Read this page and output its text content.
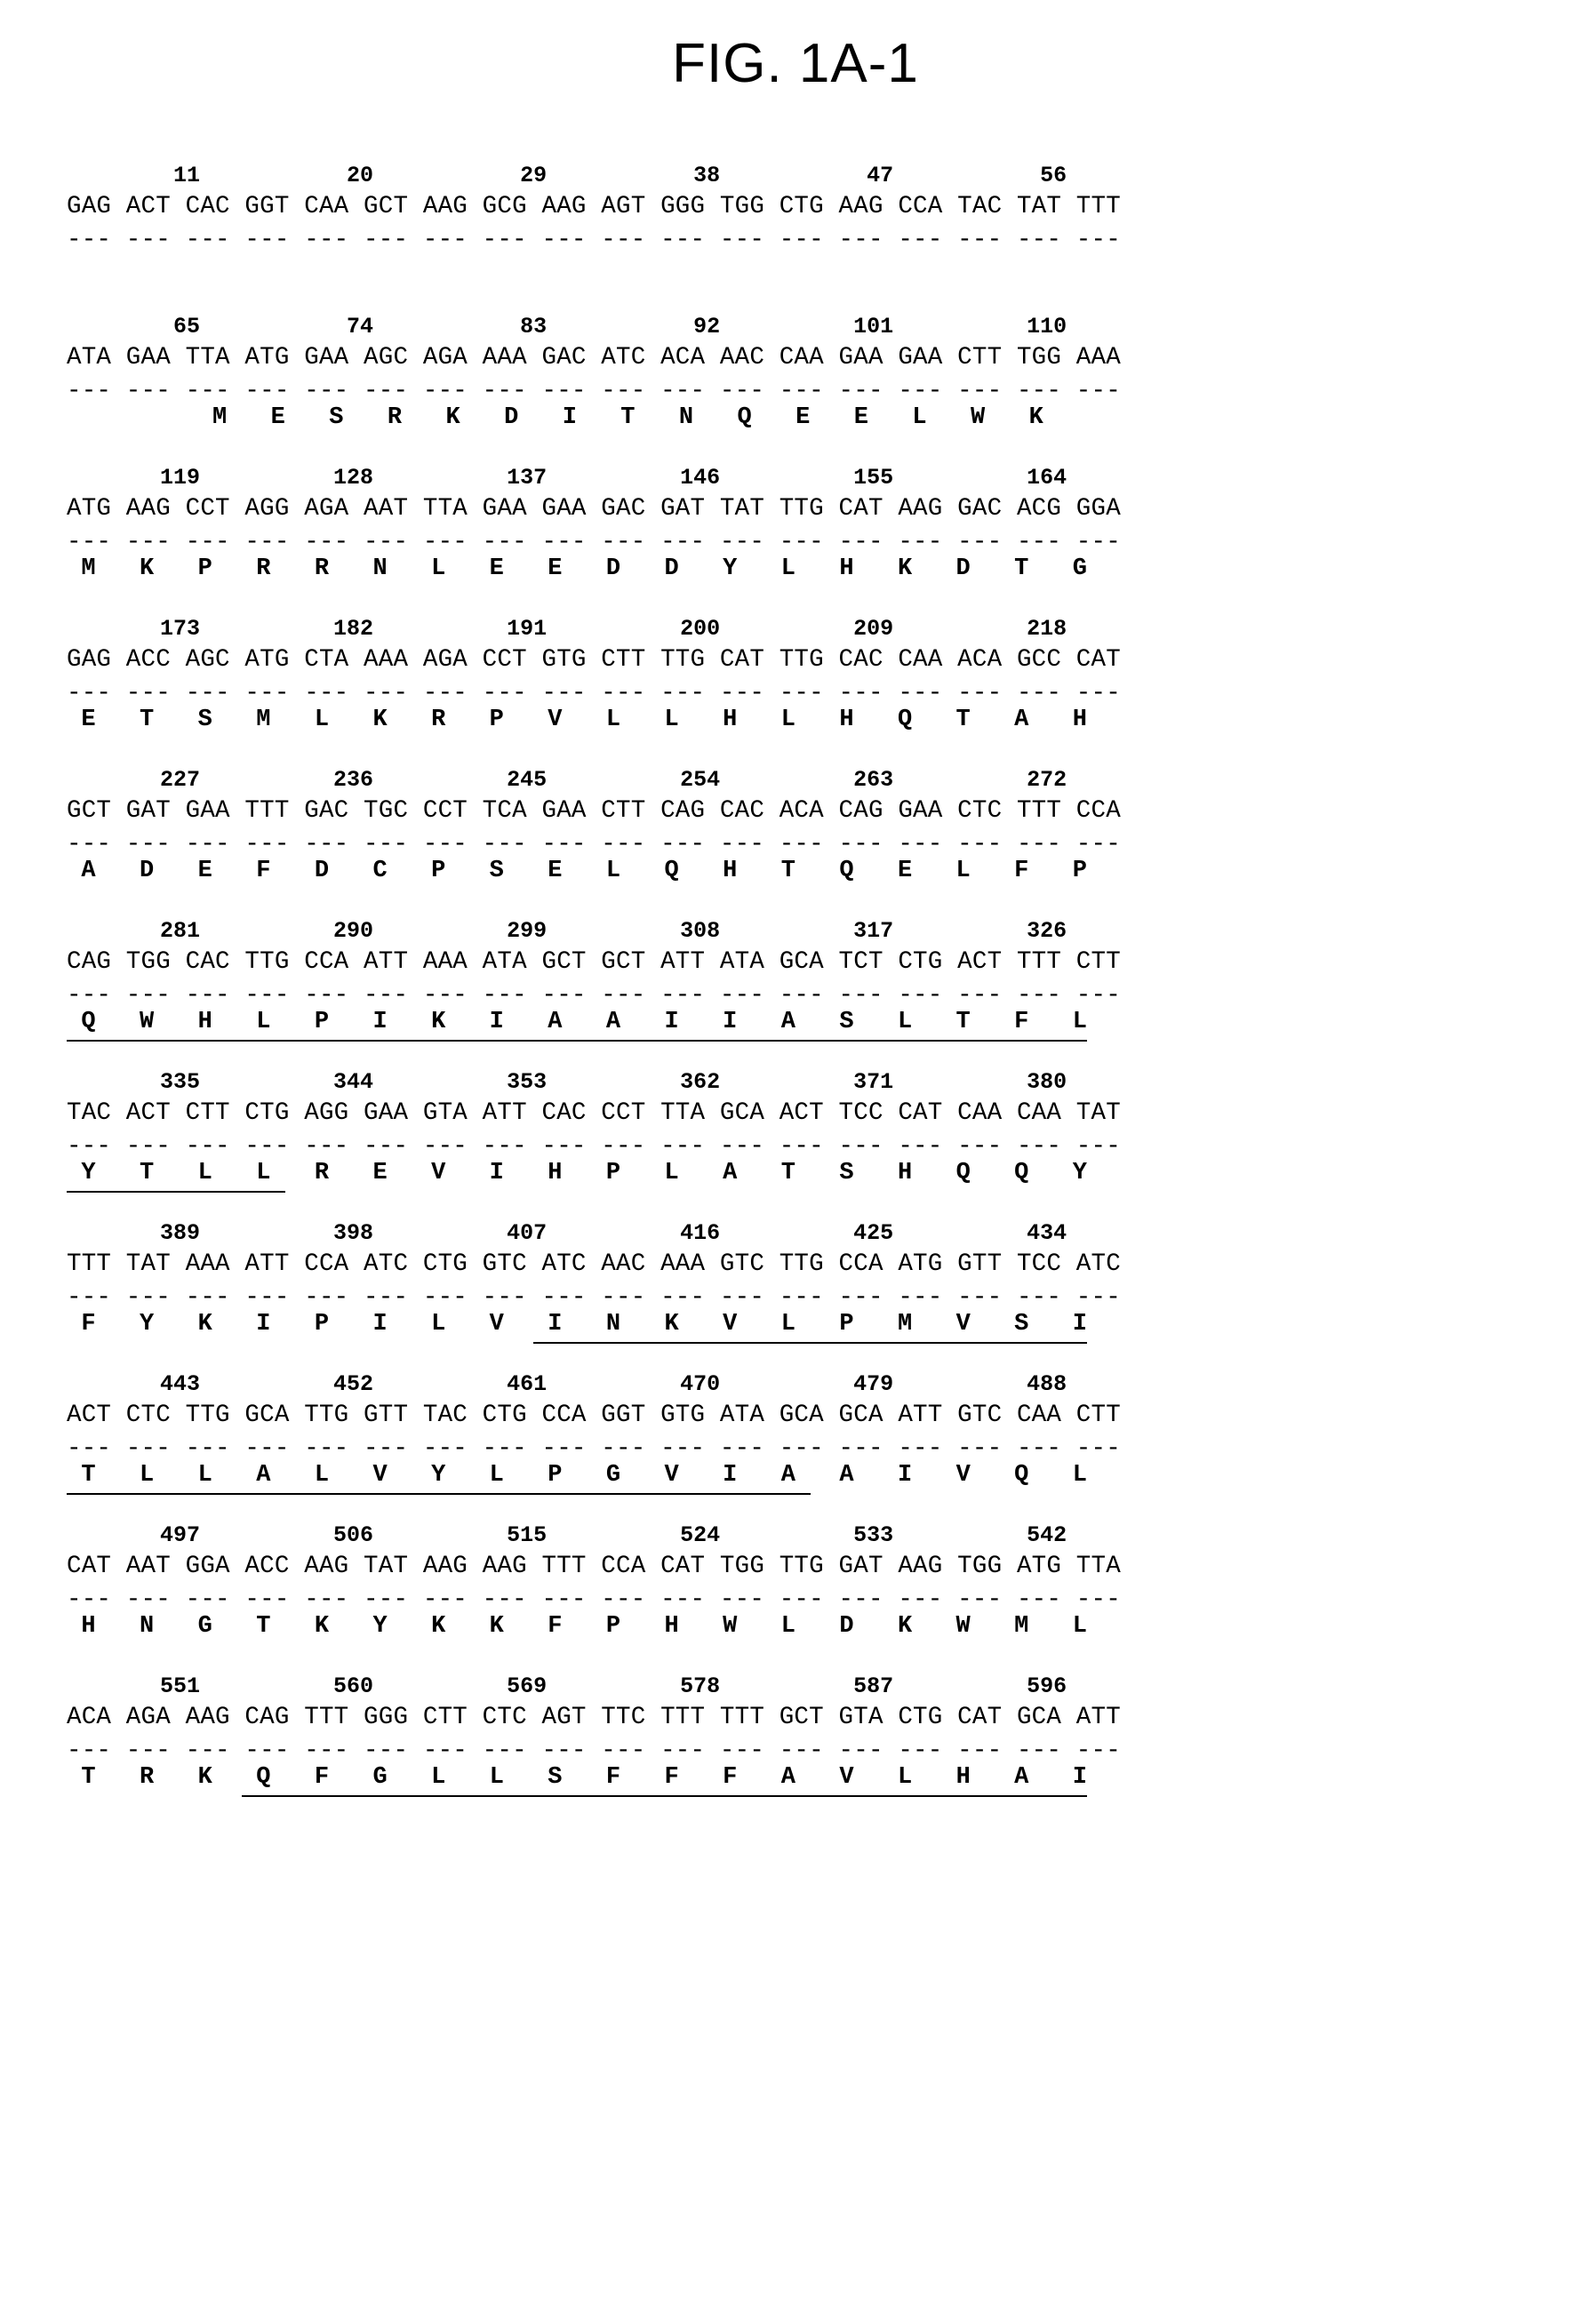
FIG. 1A-1
11           20           29           38           47           56
GAG ACT CAC GGT CAA GCT AAG GCG AAG AGT GGG TGG CTG AAG CCA TAC TAT TTT
--- --- --- --- --- --- --- --- --- --- --- --- --- --- --- --- --- ---

65           74           83           92          101          110
ATA GAA TTA ATG GAA AGC AGA AAA GAC ATC ACA AAC CAA GAA GAA CTT TGG AAA
--- --- --- --- --- --- --- --- --- --- --- --- --- --- --- --- --- ---
M   E   S   R   K   D   I   T   N   Q   E   E   L   W   K
119          128          137          146          155          164
ATG AAG CCT AGG AGA AAT TTA GAA GAA GAC GAT TAT TTG CAT AAG GAC ACG GGA
--- --- --- --- --- --- --- --- --- --- --- --- --- --- --- --- --- ---
M   K   P   R   R   N   L   E   E   D   D   Y   L   H   K   D   T   G
173          182          191          200          209          218
GAG ACC AGC ATG CTA AAA AGA CCT GTG CTT TTG CAT TTG CAC CAA ACA GCC CAT
--- --- --- --- --- --- --- --- --- --- --- --- --- --- --- --- --- ---
E   T   S   M   L   K   R   P   V   L   L   H   L   H   Q   T   A   H
227          236          245          254          263          272
GCT GAT GAA TTT GAC TGC CCT TCA GAA CTT CAG CAC ACA CAG GAA CTC TTT CCA
--- --- --- --- --- --- --- --- --- --- --- --- --- --- --- --- --- ---
A   D   E   F   D   C   P   S   E   L   Q   H   T   Q   E   L   F   P
281          290          299          308          317          326
CAG TGG CAC TTG CCA ATT AAA ATA GCT GCT ATT ATA GCA TCT CTG ACT TTT CTT
--- --- --- --- --- --- --- --- --- --- --- --- --- --- --- --- --- ---
Q   W   H   L   P   I   K   I   A   A   I   I   A   S   L   T   F   L
335          344          353          362          371          380
TAC ACT CTT CTG AGG GAA GTA ATT CAC CCT TTA GCA ACT TCC CAT CAA CAA TAT
--- --- --- --- --- --- --- --- --- --- --- --- --- --- --- --- --- ---
Y   T   L   L   R   E   V   I   H   P   L   A   T   S   H   Q   Q   Y
389          398          407          416          425          434
TTT TAT AAA ATT CCA ATC CTG GTC ATC AAC AAA GTC TTG CCA ATG GTT TCC ATC
--- --- --- --- --- --- --- --- --- --- --- --- --- --- --- --- --- ---
F   Y   K   I   P   I   L   V   I   N   K   V   L   P   M   V   S   I
443          452          461          470          479          488
ACT CTC TTG GCA TTG GTT TAC CTG CCA GGT GTG ATA GCA GCA ATT GTC CAA CTT
--- --- --- --- --- --- --- --- --- --- --- --- --- --- --- --- --- ---
T   L   L   A   L   V   Y   L   P   G   V   I   A   A   I   V   Q   L
497          506          515          524          533          542
CAT AAT GGA ACC AAG TAT AAG AAG TTT CCA CAT TGG TTG GAT AAG TGG ATG TTA
--- --- --- --- --- --- --- --- --- --- --- --- --- --- --- --- --- ---
H   N   G   T   K   Y   K   K   F   P   H   W   L   D   K   W   M   L
551          560          569          578          587          596
ACA AGA AAG CAG TTT GGG CTT CTC AGT TTC TTT TTT GCT GTA CTG CAT GCA ATT
--- --- --- --- --- --- --- --- --- --- --- --- --- --- --- --- --- ---
T   R   K   Q   F   G   L   L   S   F   F   F   A   V   L   H   A   I
